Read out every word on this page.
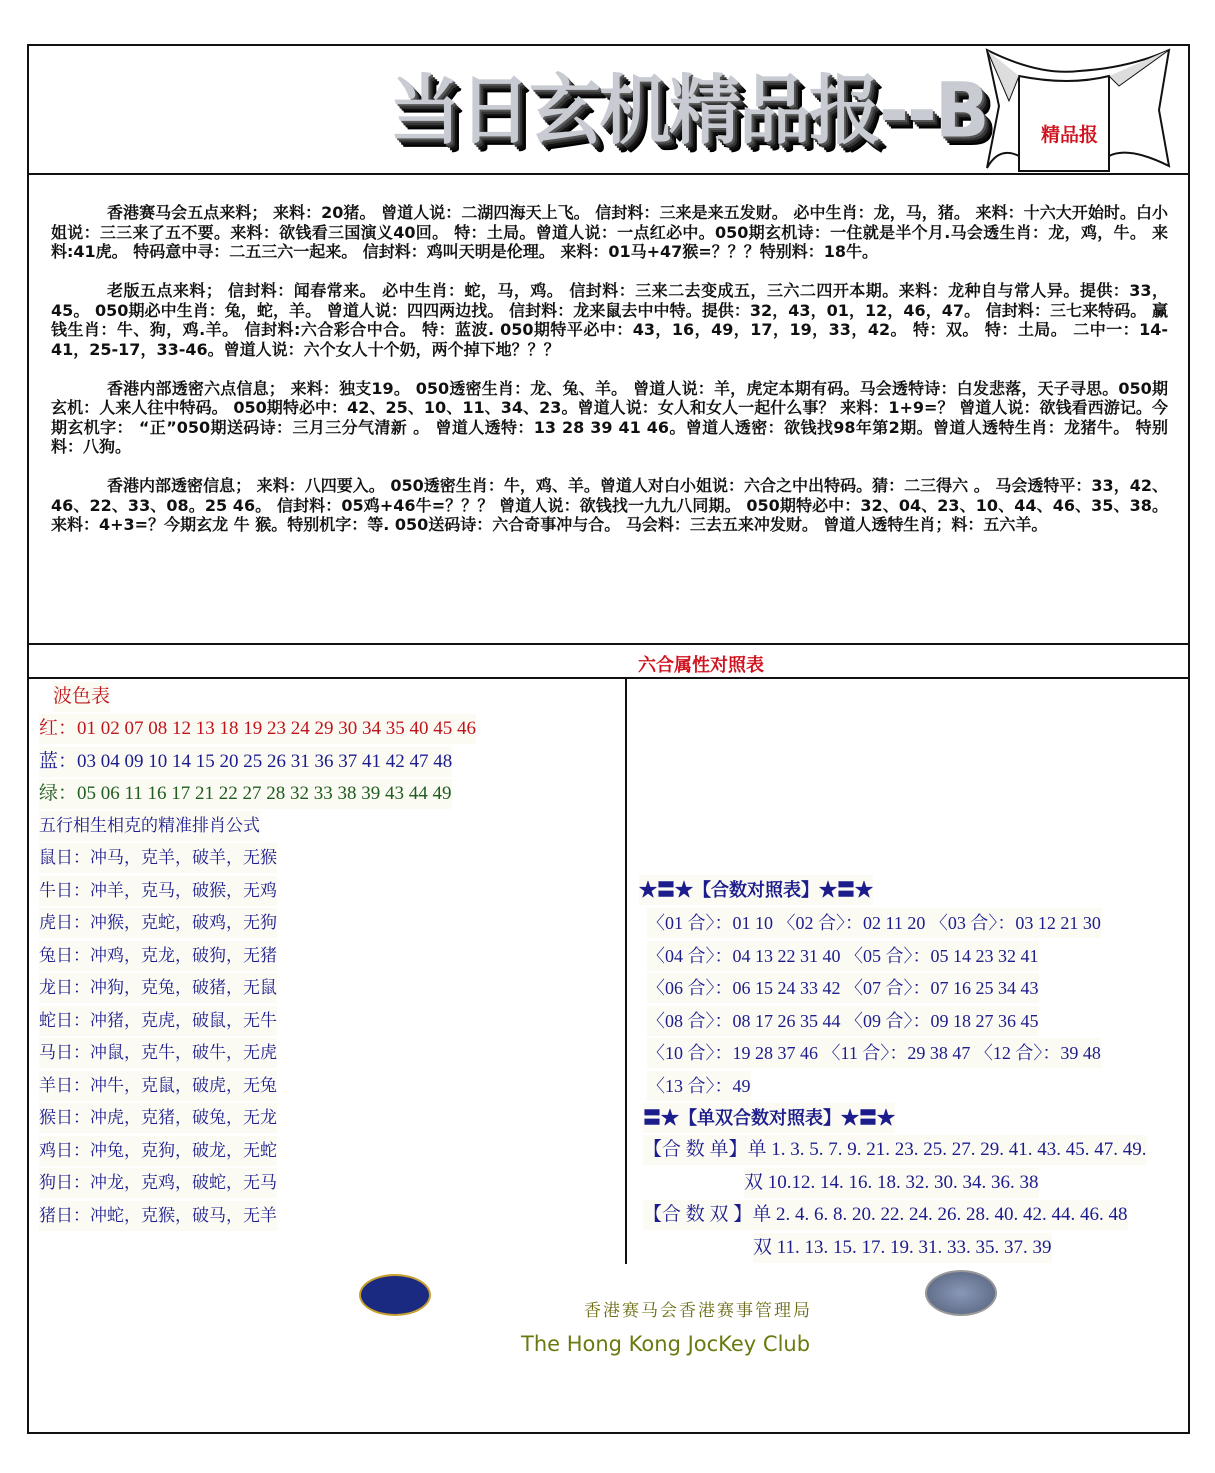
当日玄机精品报--B	精品报

香港赛马会五点来料； 来料：20猪。 曾道人说：二湖四海天上飞。 信封料：三来是来五发财。 必中生肖：龙，马，猪。 来料：十六大开始时。白小姐说：三三来了五不要。来料：欲钱看三国演义40回。 特：土局。曾道人说：一点红必中。050期玄机诗：一住就是半个月.马会透生肖：龙，鸡，牛。 来料:41虎。 特码意中寻：二五三六一起来。 信封料：鸡叫天明是伦理。 来料：01马+47猴=？？？特别料：18牛。

老版五点来料； 信封料：闻春常来。 必中生肖：蛇，马，鸡。 信封料：三来二去变成五，三六二四开本期。来料：龙种自与常人异。提供：33，45。 050期必中生肖：兔，蛇，羊。 曾道人说：四四两边找。 信封料：龙来鼠去中中特。提供：32，43，01，12，46，47。 信封料：三七来特码。 赢钱生肖：牛、狗，鸡.羊。 信封料:六合彩合中合。 特：蓝波. 050期特平必中：43，16，49，17，19，33，42。 特：双。 特：土局。 二中一：14-41，25-17，33-46。曾道人说：六个女人十个奶，两个掉下地？？？

香港内部透密六点信息； 来料：独支19。 050透密生肖：龙、兔、羊。 曾道人说：羊，虎定本期有码。马会透特诗：白发悲落，天子寻思。050期玄机：人来人往中特码。 050期特必中：42、25、10、11、34、23。曾道人说：女人和女人一起什么事？ 来料：1+9=？ 曾道人说：欲钱看西游记。今期玄机字： “正”050期送码诗：三月三分气清新 。 曾道人透特：13 28 39 41 46。曾道人透密：欲钱找98年第2期。曾道人透特生肖：龙猪牛。 特别料：八狗。

香港内部透密信息； 来料：八四要入。 050透密生肖：牛，鸡、羊。曾道人对白小姐说：六合之中出特码。猜：二三得六 。 马会透特平：33，42、46、22、33、08。25 46。 信封料：05鸡+46牛=？？？ 曾道人说：欲钱找一九九八同期。 050期特必中：32、04、23、10、44、46、35、38。 来料：4+3=？今期玄龙 牛 猴。特别机字：等. 050送码诗：六合奇事冲与合。 马会料：三去五来冲发财。 曾道人透特生肖；料：五六羊。

六合属性对照表
波色表
红：01 02 07 08 12 13 18 19 23 24 29 30 34 35 40 45 46
蓝：03 04 09 10 14 15 20 25 26 31 36 37 41 42 47 48
绿：05 06 11 16 17 21 22 27 28 32 33 38 39 43 44 49
五行相生相克的精准排肖公式
鼠日：冲马，克羊，破羊，无猴
牛日：冲羊，克马，破猴，无鸡
虎日：冲猴，克蛇，破鸡，无狗
兔日：冲鸡，克龙，破狗，无猪
龙日：冲狗，克兔，破猪，无鼠
蛇日：冲猪，克虎，破鼠，无牛
马日：冲鼠，克牛，破牛，无虎
羊日：冲牛，克鼠，破虎，无兔
猴日：冲虎，克猪，破兔，无龙
鸡日：冲兔，克狗，破龙，无蛇
狗日：冲龙，克鸡，破蛇，无马
猪日：冲蛇，克猴，破马，无羊
★〓★【合数对照表】★〓★
〈01 合〉：01 10 〈02 合〉：02 11 20 〈03 合〉：03 12 21 30
〈04 合〉：04 13 22 31 40 〈05 合〉：05 14 23 32 41
〈06 合〉：06 15 24 33 42 〈07 合〉：07 16 25 34 43
〈08 合〉：08 17 26 35 44 〈09 合〉：09 18 27 36 45
〈10 合〉：19 28 37 46 〈11 合〉：29 38 47 〈12 合〉：39 48
〈13 合〉：49
〓★【单双合数对照表】★〓★
【合 数 单】单 1. 3. 5. 7. 9. 21. 23. 25. 27. 29. 41. 43. 45. 47. 49.
双 10.12. 14. 16. 18. 32. 30. 34. 36. 38
【合 数 双 】单 2. 4. 6. 8. 20. 22. 24. 26. 28. 40. 42. 44. 46. 48
双 11. 13. 15. 17. 19. 31. 33. 35. 37. 39
香港赛马会香港赛事管理局
The Hong Kong JocKey Club
